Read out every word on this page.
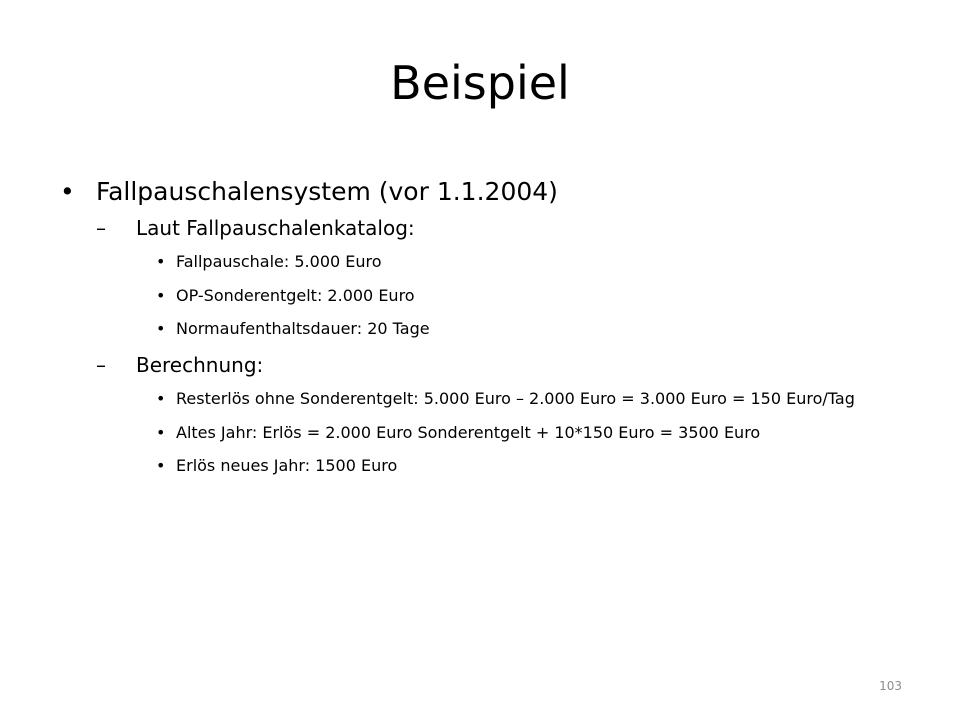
Beispiel
• Fallpauschalensystem (vor 1.1.2004)
–	Laut Fallpauschalenkatalog:
• Fallpauschale: 5.000 Euro
• OP-Sonderentgelt: 2.000 Euro
• Normaufenthaltsdauer: 20 Tage
–	Berechnung:
• Resterlös ohne Sonderentgelt: 5.000 Euro – 2.000 Euro = 3.000 Euro = 150 Euro/Tag
• Altes Jahr: Erlös = 2.000 Euro Sonderentgelt + 10*150 Euro = 3500 Euro
• Erlös neues Jahr: 1500 Euro
103
